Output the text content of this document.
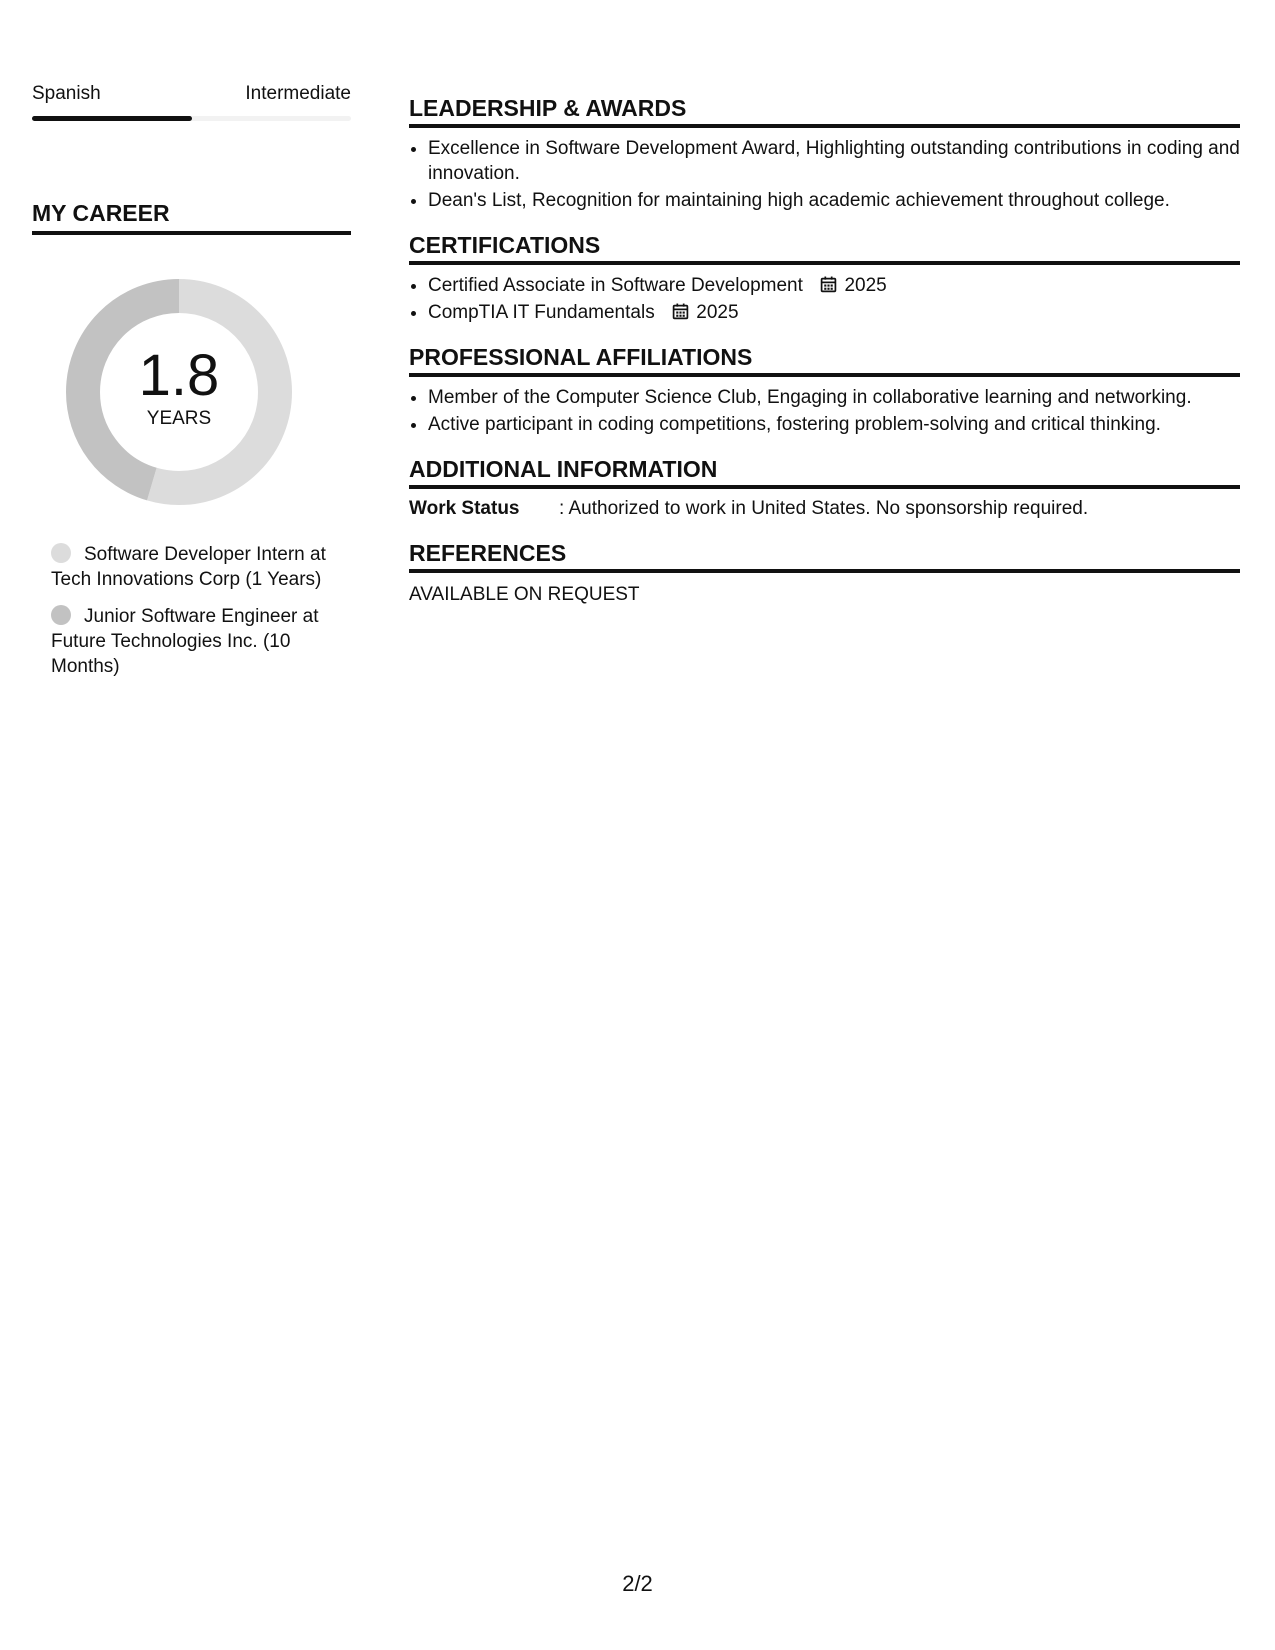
Spanish	Intermediate
MY CAREER
1.8
YEARS
Software Developer Intern at Tech Innovations Corp (1 Years)
Junior Software Engineer at Future Technologies Inc. (10 Months)
LEADERSHIP & AWARDS
• Excellence in Software Development Award, Highlighting outstanding contributions in coding and innovation.
• Dean's List, Recognition for maintaining high academic achievement throughout college.
CERTIFICATIONS
• Certified Associate in Software Development 2025
• CompTIA IT Fundamentals 2025
PROFESSIONAL AFFILIATIONS
• Member of the Computer Science Club, Engaging in collaborative learning and networking.
• Active participant in coding competitions, fostering problem-solving and critical thinking.
ADDITIONAL INFORMATION
Work Status	: Authorized to work in United States. No sponsorship required.
REFERENCES
AVAILABLE ON REQUEST
2/2
